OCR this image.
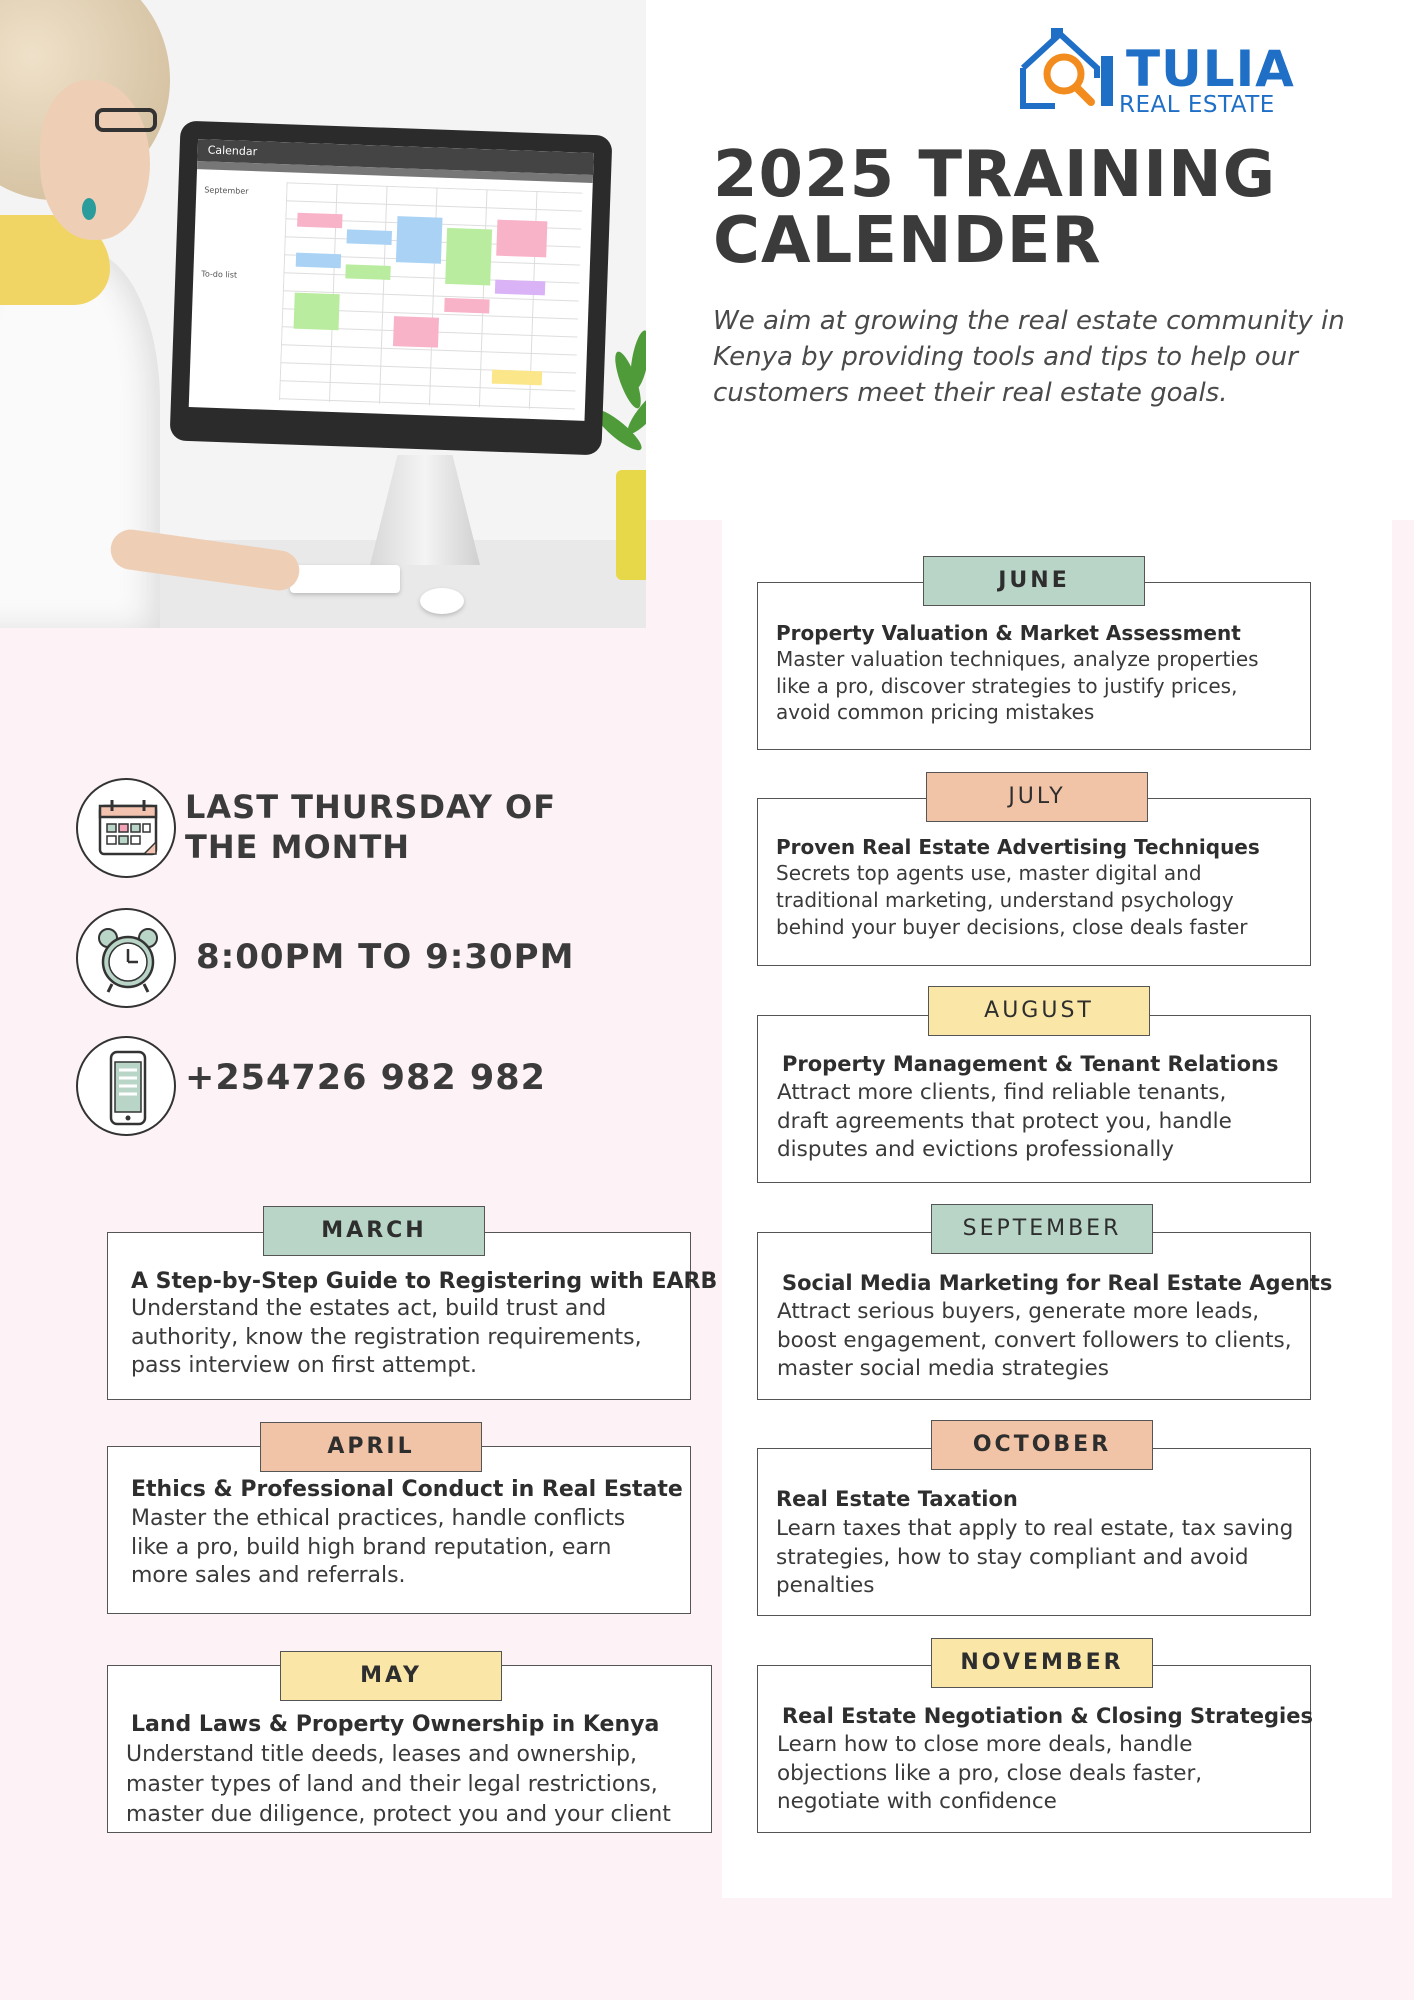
Calendar
September
To-do list
TULIA
REAL ESTATE
2025 TRAINING
CALENDER
We aim at growing the real estate community in Kenya by providing tools and tips to help our customers meet their real estate goals.
LAST THURSDAY OF THE MONTH
8:00PM TO 9:30PM
+254726 982 982
A Step-by-Step Guide to Registering with EARB
Understand the estates act, build trust and authority, know the registration requirements, pass interview on first attempt.
MARCH
Ethics & Professional Conduct in Real Estate
Master the ethical practices, handle conflicts like a pro, build high brand reputation, earn more sales and referrals.
APRIL
Land Laws & Property Ownership in Kenya
Understand title deeds, leases and ownership, master types of land and their legal restrictions, master due diligence, protect you and your client
MAY
Property Valuation & Market Assessment
Master valuation techniques, analyze properties like a pro, discover strategies to justify prices, avoid common pricing mistakes
JUNE
Proven Real Estate Advertising Techniques
Secrets top agents use, master digital and traditional marketing, understand psychology behind your buyer decisions, close deals faster
JULY
Property Management & Tenant Relations
Attract more clients, find reliable tenants, draft agreements that protect you, handle disputes and evictions professionally
AUGUST
Social Media Marketing for Real Estate Agents
Attract serious buyers, generate more leads, boost engagement, convert followers to clients, master social media strategies
SEPTEMBER
Real Estate Taxation
Learn taxes that apply to real estate, tax saving strategies, how to stay compliant and avoid penalties
OCTOBER
Real Estate Negotiation & Closing Strategies
Learn how to close more deals, handle objections like a pro, close deals faster, negotiate with confidence
NOVEMBER
